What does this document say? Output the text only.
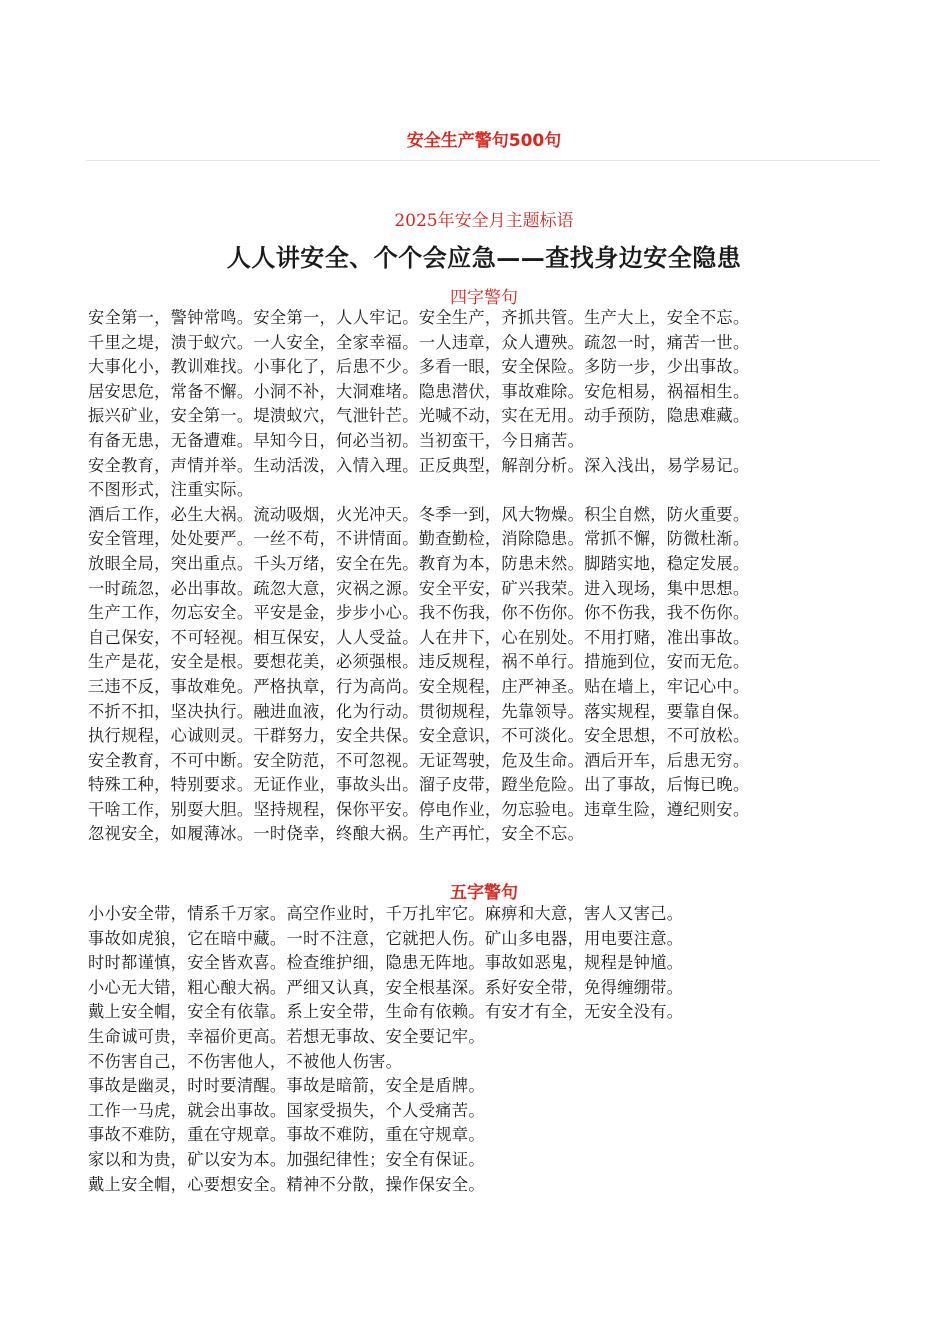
安全生产警句500句
2025年安全月主题标语
人人讲安全、个个会应急——查找身边安全隐患
四字警句
安全第一，警钟常鸣。安全第一，人人牢记。安全生产，齐抓共管。生产大上，安全不忘。
千里之堤，溃于蚁穴。一人安全，全家幸福。一人违章，众人遭殃。疏忽一时，痛苦一世。
大事化小，教训难找。小事化了，后患不少。多看一眼，安全保险。多防一步，少出事故。
居安思危，常备不懈。小洞不补，大洞难堵。隐患潜伏，事故难除。安危相易，祸福相生。
振兴矿业，安全第一。堤溃蚁穴，气泄针芒。光喊不动，实在无用。动手预防，隐患难藏。
有备无患，无备遭难。早知今日，何必当初。当初蛮干，今日痛苦。
安全教育，声情并举。生动活泼，入情入理。正反典型，解剖分析。深入浅出，易学易记。
不图形式，注重实际。
酒后工作，必生大祸。流动吸烟，火光冲天。冬季一到，风大物燥。积尘自燃，防火重要。
安全管理，处处要严。一丝不苟，不讲情面。勤查勤检，消除隐患。常抓不懈，防微杜渐。
放眼全局，突出重点。千头万绪，安全在先。教育为本，防患未然。脚踏实地，稳定发展。
一时疏忽，必出事故。疏忽大意，灾祸之源。安全平安，矿兴我荣。进入现场，集中思想。
生产工作，勿忘安全。平安是金，步步小心。我不伤我，你不伤你。你不伤我，我不伤你。
自己保安，不可轻视。相互保安，人人受益。人在井下，心在别处。不用打赌，准出事故。
生产是花，安全是根。要想花美，必须强根。违反规程，祸不单行。措施到位，安而无危。
三违不反，事故难免。严格执章，行为高尚。安全规程，庄严神圣。贴在墙上，牢记心中。
不折不扣，坚决执行。融进血液，化为行动。贯彻规程，先靠领导。落实规程，要靠自保。
执行规程，心诚则灵。干群努力，安全共保。安全意识，不可淡化。安全思想，不可放松。
安全教育，不可中断。安全防范，不可忽视。无证驾驶，危及生命。酒后开车，后患无穷。
特殊工种，特别要求。无证作业，事故头出。溜子皮带，蹬坐危险。出了事故，后悔已晚。
干啥工作，别耍大胆。坚持规程，保你平安。停电作业，勿忘验电。违章生险，遵纪则安。
忽视安全，如履薄冰。一时侥幸，终酿大祸。生产再忙，安全不忘。
五字警句
小小安全带，情系千万家。高空作业时，千万扎牢它。麻痹和大意，害人又害己。
事故如虎狼，它在暗中藏。一时不注意，它就把人伤。矿山多电器，用电要注意。
时时都谨慎，安全皆欢喜。检查维护细，隐患无阵地。事故如恶鬼，规程是钟馗。
小心无大错，粗心酿大祸。严细又认真，安全根基深。系好安全带，免得缠绷带。
戴上安全帽，安全有依靠。系上安全带，生命有依赖。有安才有全，无安全没有。
生命诚可贵，幸福价更高。若想无事故、安全要记牢。
不伤害自己，不伤害他人，不被他人伤害。
事故是幽灵，时时要清醒。事故是暗箭，安全是盾牌。
工作一马虎，就会出事故。国家受损失，个人受痛苦。
事故不难防，重在守规章。事故不难防，重在守规章。
家以和为贵，矿以安为本。加强纪律性；安全有保证。
戴上安全帽，心要想安全。精神不分散，操作保安全。
